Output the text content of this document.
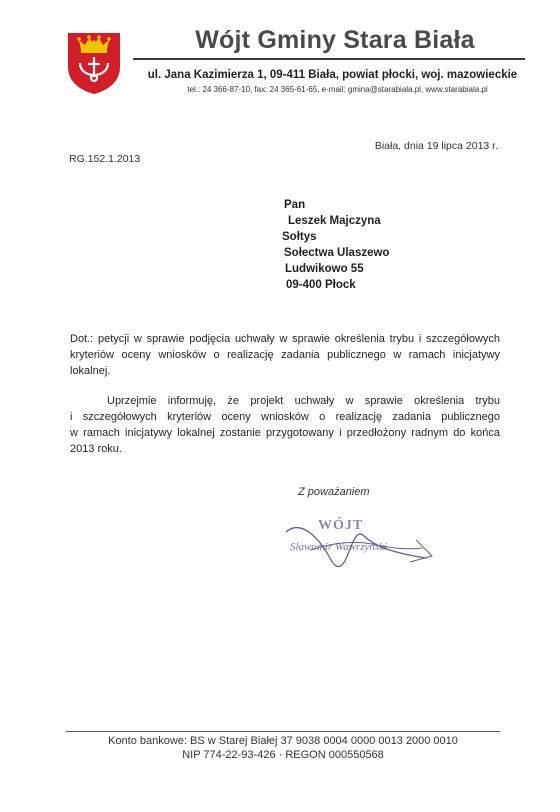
Wójt Gminy Stara Biała
ul. Jana Kazimierza 1, 09-411 Biała, powiat płocki, woj. mazowieckie
tel.: 24 366-87-10, fax: 24 365-61-65, e-mail: gmina@starabiala.pl, www.starabiala.pl
Biała, dnia 19 lipca 2013 r.
RG.152.1.2013
Pan
Leszek Majczyna
Sołtys
Sołectwa Ulaszewo
Ludwikowo 55
09-400 Płock
Dot.: petycji w sprawie podjęcia uchwały w sprawie określenia trybu i szczegółowych
kryteriów oceny wniosków o realizację zadania publicznego w ramach inicjatywy
lokalnej.
Uprzejmie informuję, że projekt uchwały w sprawie określenia trybu
i szczegółowych kryteriów oceny wniosków o realizację zadania publicznego
w ramach inicjatywy lokalnej zostanie przygotowany i przedłożony radnym do końca
2013 roku.
Z poważaniem
WÓJT
Sławomir Wawrzyński
Konto bankowe: BS w Starej Białej 37 9038 0004 0000 0013 2000 0010
NIP 774-22-93-426 · REGON 000550568
